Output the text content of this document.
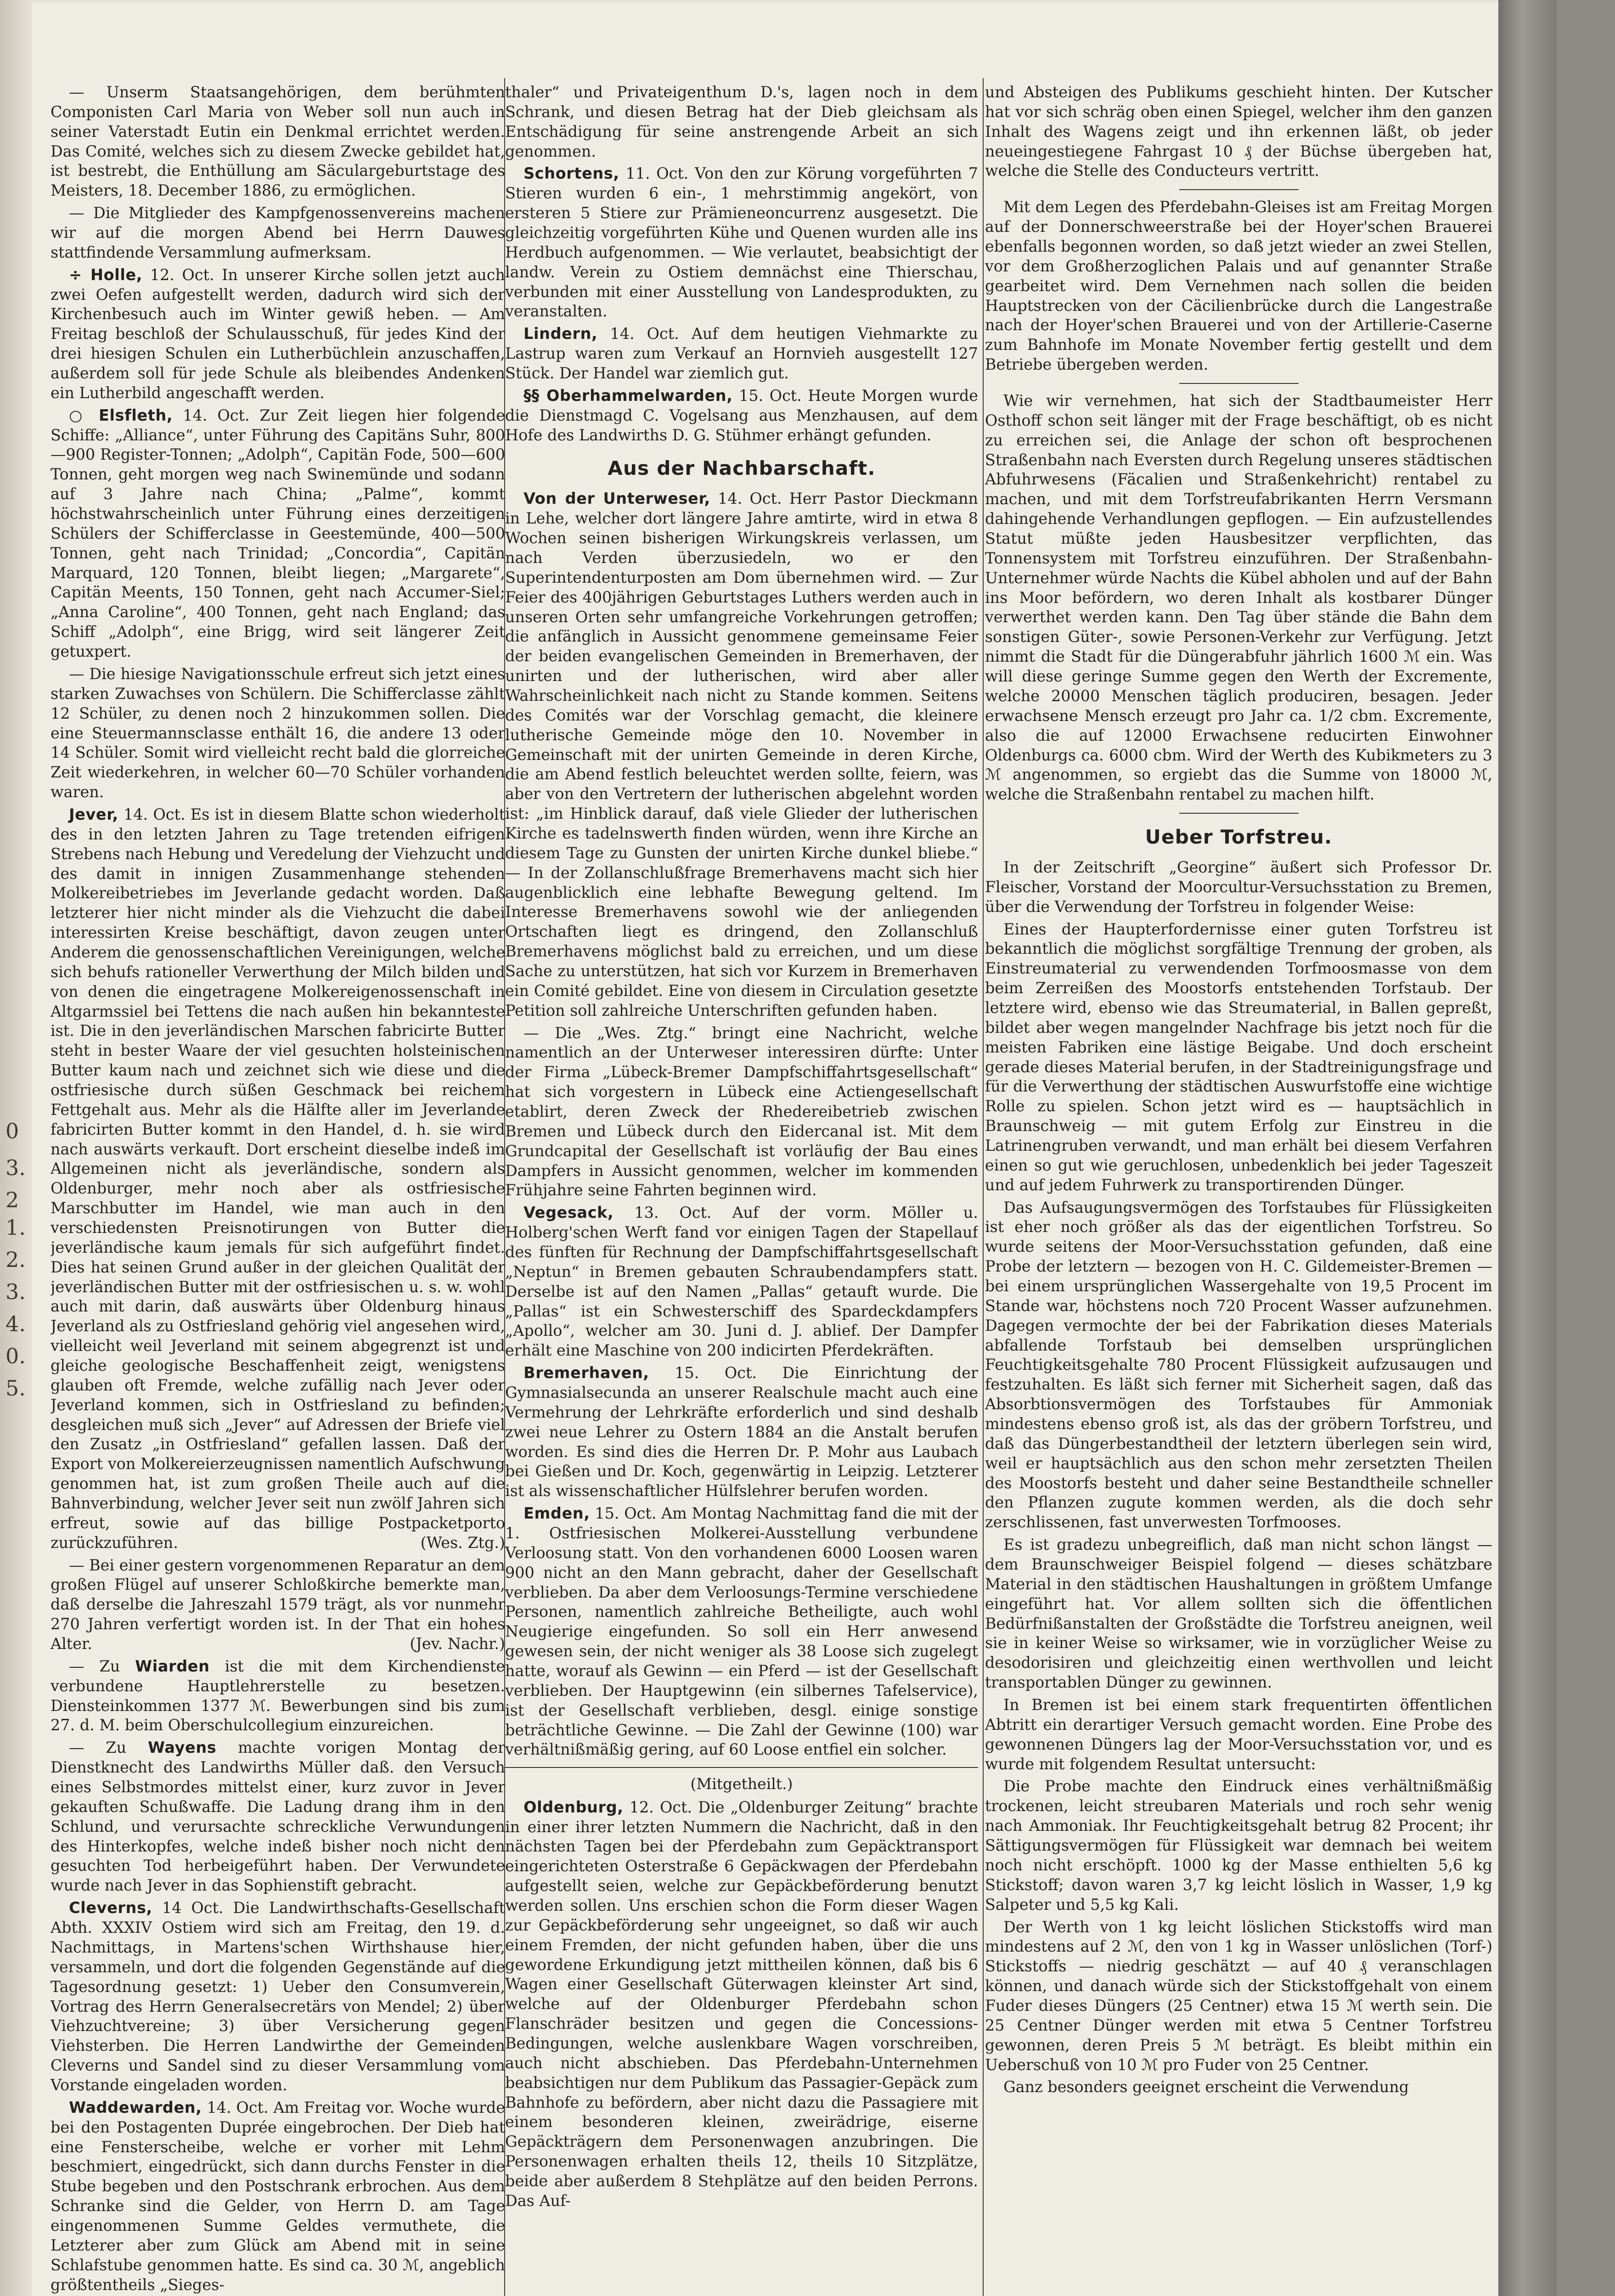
0
3.
2
1.
2.
3.
4.
0.
5.

— Unserm Staatsangehörigen, dem berühmten Componisten Carl Maria von Weber soll nun auch in seiner Vaterstadt Eutin ein Denkmal errichtet werden. Das Comité, welches sich zu diesem Zwecke gebildet hat, ist bestrebt, die Enthüllung am Säculargeburtstage des Meisters, 18. December 1886, zu ermöglichen.

— Die Mitglieder des Kampfgenossenvereins machen wir auf die morgen Abend bei Herrn Dauwes stattfindende Versammlung aufmerksam.

÷ Holle, 12. Oct. In unserer Kirche sollen jetzt auch zwei Oefen aufgestellt werden, dadurch wird sich der Kirchenbesuch auch im Winter gewiß heben. — Am Freitag beschloß der Schulausschuß, für jedes Kind der drei hiesigen Schulen ein Lutherbüchlein anzuschaffen, außerdem soll für jede Schule als bleibendes Andenken ein Lutherbild angeschafft werden.

○ Elsfleth, 14. Oct. Zur Zeit liegen hier folgende Schiffe: „Alliance“, unter Führung des Capitäns Suhr, 800—900 Register-Tonnen; „Adolph“, Capitän Fode, 500—600 Tonnen, geht morgen weg nach Swinemünde und sodann auf 3 Jahre nach China; „Palme“, kommt höchstwahrscheinlich unter Führung eines derzeitigen Schülers der Schifferclasse in Geestemünde, 400—500 Tonnen, geht nach Trinidad; „Concordia“, Capitän Marquard, 120 Tonnen, bleibt liegen; „Margarete“, Capitän Meents, 150 Tonnen, geht nach Accumer-Siel; „Anna Caroline“, 400 Tonnen, geht nach England; das Schiff „Adolph“, eine Brigg, wird seit längerer Zeit getuxpert.

— Die hiesige Navigationsschule erfreut sich jetzt eines starken Zuwachses von Schülern. Die Schifferclasse zählt 12 Schüler, zu denen noch 2 hinzukommen sollen. Die eine Steuermannsclasse enthält 16, die andere 13 oder 14 Schüler. Somit wird vielleicht recht bald die glorreiche Zeit wiederkehren, in welcher 60—70 Schüler vorhanden waren.

Jever, 14. Oct. Es ist in diesem Blatte schon wiederholt des in den letzten Jahren zu Tage tretenden eifrigen Strebens nach Hebung und Veredelung der Viehzucht und des damit in innigen Zusammenhange stehenden Molkereibetriebes im Jeverlande gedacht worden. Daß letzterer hier nicht minder als die Viehzucht die dabei interessirten Kreise beschäftigt, davon zeugen unter Anderem die genossenschaftlichen Vereinigungen, welche sich behufs rationeller Verwerthung der Milch bilden und von denen die eingetragene Molkereigenossenschaft in Altgarmssiel bei Tettens die nach außen hin bekannteste ist. Die in den jeverländischen Marschen fabricirte Butter steht in bester Waare der viel gesuchten holsteinischen Butter kaum nach und zeichnet sich wie diese und die ostfriesische durch süßen Geschmack bei reichem Fettgehalt aus. Mehr als die Hälfte aller im Jeverlande fabricirten Butter kommt in den Handel, d. h. sie wird nach auswärts verkauft. Dort erscheint dieselbe indeß im Allgemeinen nicht als jeverländische, sondern als Oldenburger, mehr noch aber als ostfriesische Marschbutter im Handel, wie man auch in den verschiedensten Preisnotirungen von Butter die jeverländische kaum jemals für sich aufgeführt findet. Dies hat seinen Grund außer in der gleichen Qualität der jeverländischen Butter mit der ostfriesischen u. s. w. wohl auch mit darin, daß auswärts über Oldenburg hinaus Jeverland als zu Ostfriesland gehörig viel angesehen wird, vielleicht weil Jeverland mit seinem abgegrenzt ist und gleiche geologische Beschaffenheit zeigt, wenigstens glauben oft Fremde, welche zufällig nach Jever oder Jeverland kommen, sich in Ostfriesland zu befinden; desgleichen muß sich „Jever“ auf Adressen der Briefe viel den Zusatz „in Ostfriesland“ gefallen lassen. Daß der Export von Molkereierzeugnissen namentlich Aufschwung genommen hat, ist zum großen Theile auch auf die Bahnverbindung, welcher Jever seit nun zwölf Jahren sich erfreut, sowie auf das billige Postpacketporto zurückzuführen.	(Wes. Ztg.)

— Bei einer gestern vorgenommenen Reparatur an dem großen Flügel auf unserer Schloßkirche bemerkte man, daß derselbe die Jahreszahl 1579 trägt, als vor nunmehr 270 Jahren verfertigt worden ist. In der That ein hohes Alter.	(Jev. Nachr.)

— Zu Wiarden ist die mit dem Kirchendienste verbundene Hauptlehrerstelle zu besetzen. Diensteinkommen 1377 ℳ. Bewerbungen sind bis zum 27. d. M. beim Oberschulcollegium einzureichen.

— Zu Wayens machte vorigen Montag der Dienstknecht des Landwirths Müller daß. den Versuch eines Selbstmordes mittelst einer, kurz zuvor in Jever gekauften Schußwaffe. Die Ladung drang ihm in den Schlund, und verursachte schreckliche Verwundungen des Hinterkopfes, welche indeß bisher noch nicht den gesuchten Tod herbeigeführt haben. Der Verwundete wurde nach Jever in das Sophienstift gebracht.

Cleverns, 14 Oct. Die Landwirthschafts-Gesellschaft Abth. XXXIV Ostiem wird sich am Freitag, den 19. d. Nachmittags, in Martens'schen Wirthshause hier, versammeln, und dort die folgenden Gegenstände auf die Tagesordnung gesetzt: 1) Ueber den Consumverein, Vortrag des Herrn Generalsecretärs von Mendel; 2) über Viehzuchtvereine; 3) über Versicherung gegen Viehsterben. Die Herren Landwirthe der Gemeinden Cleverns und Sandel sind zu dieser Versammlung vom Vorstande eingeladen worden.

Waddewarden, 14. Oct. Am Freitag vor. Woche wurde bei den Postagenten Duprée eingebrochen. Der Dieb hat eine Fensterscheibe, welche er vorher mit Lehm beschmiert, eingedrückt, sich dann durchs Fenster in die Stube begeben und den Postschrank erbrochen. Aus dem Schranke sind die Gelder, von Herrn D. am Tage eingenommenen Summe Geldes vermuthete, die Letzterer aber zum Glück am Abend mit in seine Schlafstube genommen hatte. Es sind ca. 30 ℳ, angeblich größtentheils „Sieges-

thaler“ und Privateigenthum D.'s, lagen noch in dem Schrank, und diesen Betrag hat der Dieb gleichsam als Entschädigung für seine anstrengende Arbeit an sich genommen.

Schortens, 11. Oct. Von den zur Körung vorgeführten 7 Stieren wurden 6 ein-, 1 mehrstimmig angekört, von ersteren 5 Stiere zur Prämieneoncurrenz ausgesetzt. Die gleichzeitig vorgeführten Kühe und Quenen wurden alle ins Herdbuch aufgenommen. — Wie verlautet, beabsichtigt der landw. Verein zu Ostiem demnächst eine Thierschau, verbunden mit einer Ausstellung von Landesprodukten, zu veranstalten.

Lindern, 14. Oct. Auf dem heutigen Viehmarkte zu Lastrup waren zum Verkauf an Hornvieh ausgestellt 127 Stück. Der Handel war ziemlich gut.

§§ Oberhammelwarden, 15. Oct. Heute Morgen wurde die Dienstmagd C. Vogelsang aus Menzhausen, auf dem Hofe des Landwirths D. G. Stühmer erhängt gefunden.

Aus der Nachbarschaft.

Von der Unterweser, 14. Oct. Herr Pastor Dieckmann in Lehe, welcher dort längere Jahre amtirte, wird in etwa 8 Wochen seinen bisherigen Wirkungskreis verlassen, um nach Verden überzusiedeln, wo er den Superintendenturposten am Dom übernehmen wird. — Zur Feier des 400jährigen Geburtstages Luthers werden auch in unseren Orten sehr umfangreiche Vorkehrungen getroffen; die anfänglich in Aussicht genommene gemeinsame Feier der beiden evangelischen Gemeinden in Bremerhaven, der unirten und der lutherischen, wird aber aller Wahrscheinlichkeit nach nicht zu Stande kommen. Seitens des Comités war der Vorschlag gemacht, die kleinere lutherische Gemeinde möge den 10. November in Gemeinschaft mit der unirten Gemeinde in deren Kirche, die am Abend festlich beleuchtet werden sollte, feiern, was aber von den Vertretern der lutherischen abgelehnt worden ist: „im Hinblick darauf, daß viele Glieder der lutherischen Kirche es tadelnswerth finden würden, wenn ihre Kirche an diesem Tage zu Gunsten der unirten Kirche dunkel bliebe.“ — In der Zollanschlußfrage Bremerhavens macht sich hier augenblicklich eine lebhafte Bewegung geltend. Im Interesse Bremerhavens sowohl wie der anliegenden Ortschaften liegt es dringend, den Zollanschluß Bremerhavens möglichst bald zu erreichen, und um diese Sache zu unterstützen, hat sich vor Kurzem in Bremerhaven ein Comité gebildet. Eine von diesem in Circulation gesetzte Petition soll zahlreiche Unterschriften gefunden haben.

— Die „Wes. Ztg.“ bringt eine Nachricht, welche namentlich an der Unterweser interessiren dürfte: Unter der Firma „Lübeck-Bremer Dampfschiffahrtsgesellschaft“ hat sich vorgestern in Lübeck eine Actiengesellschaft etablirt, deren Zweck der Rhedereibetrieb zwischen Bremen und Lübeck durch den Eidercanal ist. Mit dem Grundcapital der Gesellschaft ist vorläufig der Bau eines Dampfers in Aussicht genommen, welcher im kommenden Frühjahre seine Fahrten beginnen wird.

Vegesack, 13. Oct. Auf der vorm. Möller u. Holberg'schen Werft fand vor einigen Tagen der Stapellauf des fünften für Rechnung der Dampfschiffahrtsgesellschaft „Neptun“ in Bremen gebauten Schraubendampfers statt. Derselbe ist auf den Namen „Pallas“ getauft wurde. Die „Pallas“ ist ein Schwesterschiff des Spardeckdampfers „Apollo“, welcher am 30. Juni d. J. ablief. Der Dampfer erhält eine Maschine von 200 indicirten Pferdekräften.

Bremerhaven, 15. Oct. Die Einrichtung der Gymnasialsecunda an unserer Realschule macht auch eine Vermehrung der Lehrkräfte erforderlich und sind deshalb zwei neue Lehrer zu Ostern 1884 an die Anstalt berufen worden. Es sind dies die Herren Dr. P. Mohr aus Laubach bei Gießen und Dr. Koch, gegenwärtig in Leipzig. Letzterer ist als wissenschaftlicher Hülfslehrer berufen worden.

Emden, 15. Oct. Am Montag Nachmittag fand die mit der 1. Ostfriesischen Molkerei-Ausstellung verbundene Verloosung statt. Von den vorhandenen 6000 Loosen waren 900 nicht an den Mann gebracht, daher der Gesellschaft verblieben. Da aber dem Verloosungs-Termine verschiedene Personen, namentlich zahlreiche Betheiligte, auch wohl Neugierige eingefunden. So soll ein Herr anwesend gewesen sein, der nicht weniger als 38 Loose sich zugelegt hatte, worauf als Gewinn — ein Pferd — ist der Gesellschaft verblieben. Der Hauptgewinn (ein silbernes Tafelservice), ist der Gesellschaft verblieben, desgl. einige sonstige beträchtliche Gewinne. — Die Zahl der Gewinne (100) war verhältnißmäßig gering, auf 60 Loose entfiel ein solcher.

(Mitgetheilt.)

Oldenburg, 12. Oct. Die „Oldenburger Zeitung“ brachte in einer ihrer letzten Nummern die Nachricht, daß in den nächsten Tagen bei der Pferdebahn zum Gepäcktransport eingerichteten Osterstraße 6 Gepäckwagen der Pferdebahn aufgestellt seien, welche zur Gepäckbeförderung benutzt werden sollen. Uns erschien schon die Form dieser Wagen zur Gepäckbeförderung sehr ungeeignet, so daß wir auch einem Fremden, der nicht gefunden haben, über die uns gewordene Erkundigung jetzt mittheilen können, daß bis 6 Wagen einer Gesellschaft Güterwagen kleinster Art sind, welche auf der Oldenburger Pferdebahn schon Flanschräder besitzen und gegen die Concessions-Bedingungen, welche auslenkbare Wagen vorschreiben, auch nicht abschieben. Das Pferdebahn-Unternehmen beabsichtigen nur dem Publikum das Passagier-Gepäck zum Bahnhofe zu befördern, aber nicht dazu die Passagiere mit einem besonderen kleinen, zweirädrige, eiserne Gepäckträgern dem Personenwagen anzubringen. Die Personenwagen erhalten theils 12, theils 10 Sitzplätze, beide aber außerdem 8 Stehplätze auf den beiden Perrons. Das Auf-

und Absteigen des Publikums geschieht hinten. Der Kutscher hat vor sich schräg oben einen Spiegel, welcher ihm den ganzen Inhalt des Wagens zeigt und ihn erkennen läßt, ob jeder neueingestiegene Fahrgast 10 ₰ der Büchse übergeben hat, welche die Stelle des Conducteurs vertritt.

Mit dem Legen des Pferdebahn-Gleises ist am Freitag Morgen auf der Donnerschweerstraße bei der Hoyer'schen Brauerei ebenfalls begonnen worden, so daß jetzt wieder an zwei Stellen, vor dem Großherzoglichen Palais und auf genannter Straße gearbeitet wird. Dem Vernehmen nach sollen die beiden Hauptstrecken von der Cäcilienbrücke durch die Langestraße nach der Hoyer'schen Brauerei und von der Artillerie-Caserne zum Bahnhofe im Monate November fertig gestellt und dem Betriebe übergeben werden.

Wie wir vernehmen, hat sich der Stadtbaumeister Herr Osthoff schon seit länger mit der Frage beschäftigt, ob es nicht zu erreichen sei, die Anlage der schon oft besprochenen Straßenbahn nach Eversten durch Regelung unseres städtischen Abfuhrwesens (Fäcalien und Straßenkehricht) rentabel zu machen, und mit dem Torfstreufabrikanten Herrn Versmann dahingehende Verhandlungen gepflogen. — Ein aufzustellendes Statut müßte jeden Hausbesitzer verpflichten, das Tonnensystem mit Torfstreu einzuführen. Der Straßenbahn-Unternehmer würde Nachts die Kübel abholen und auf der Bahn ins Moor befördern, wo deren Inhalt als kostbarer Dünger verwerthet werden kann. Den Tag über stände die Bahn dem sonstigen Güter-, sowie Personen-Verkehr zur Verfügung. Jetzt nimmt die Stadt für die Düngerabfuhr jährlich 1600 ℳ ein. Was will diese geringe Summe gegen den Werth der Excremente, welche 20000 Menschen täglich produciren, besagen. Jeder erwachsene Mensch erzeugt pro Jahr ca. 1/2 cbm. Excremente, also die auf 12000 Erwachsene reducirten Einwohner Oldenburgs ca. 6000 cbm. Wird der Werth des Kubikmeters zu 3 ℳ angenommen, so ergiebt das die Summe von 18000 ℳ, welche die Straßenbahn rentabel zu machen hilft.

Ueber Torfstreu.

In der Zeitschrift „Georgine“ äußert sich Professor Dr. Fleischer, Vorstand der Moorcultur-Versuchsstation zu Bremen, über die Verwendung der Torfstreu in folgender Weise:

Eines der Haupterfordernisse einer guten Torfstreu ist bekanntlich die möglichst sorgfältige Trennung der groben, als Einstreumaterial zu verwendenden Torfmoosmasse von dem beim Zerreißen des Moostorfs entstehenden Torfstaub. Der letztere wird, ebenso wie das Streumaterial, in Ballen gepreßt, bildet aber wegen mangelnder Nachfrage bis jetzt noch für die meisten Fabriken eine lästige Beigabe. Und doch erscheint gerade dieses Material berufen, in der Stadtreinigungsfrage und für die Verwerthung der städtischen Auswurfstoffe eine wichtige Rolle zu spielen. Schon jetzt wird es — hauptsächlich in Braunschweig — mit gutem Erfolg zur Einstreu in die Latrinengruben verwandt, und man erhält bei diesem Verfahren einen so gut wie geruchlosen, unbedenklich bei jeder Tageszeit und auf jedem Fuhrwerk zu transportirenden Dünger.

Das Aufsaugungsvermögen des Torfstaubes für Flüssigkeiten ist eher noch größer als das der eigentlichen Torfstreu. So wurde seitens der Moor-Versuchsstation gefunden, daß eine Probe der letztern — bezogen von H. C. Gildemeister-Bremen — bei einem ursprünglichen Wassergehalte von 19,5 Procent im Stande war, höchstens noch 720 Procent Wasser aufzunehmen. Dagegen vermochte der bei der Fabrikation dieses Materials abfallende Torfstaub bei demselben ursprünglichen Feuchtigkeitsgehalte 780 Procent Flüssigkeit aufzusaugen und festzuhalten. Es läßt sich ferner mit Sicherheit sagen, daß das Absorbtionsvermögen des Torfstaubes für Ammoniak mindestens ebenso groß ist, als das der gröbern Torfstreu, und daß das Düngerbestandtheil der letztern überlegen sein wird, weil er hauptsächlich aus den schon mehr zersetzten Theilen des Moostorfs besteht und daher seine Bestandtheile schneller den Pflanzen zugute kommen werden, als die doch sehr zerschlissenen, fast unverwesten Torfmooses.

Es ist gradezu unbegreiflich, daß man nicht schon längst — dem Braunschweiger Beispiel folgend — dieses schätzbare Material in den städtischen Haushaltungen in größtem Umfange eingeführt hat. Vor allem sollten sich die öffentlichen Bedürfnißanstalten der Großstädte die Torfstreu aneignen, weil sie in keiner Weise so wirksamer, wie in vorzüglicher Weise zu desodorisiren und gleichzeitig einen werthvollen und leicht transportablen Dünger zu gewinnen.

In Bremen ist bei einem stark frequentirten öffentlichen Abtritt ein derartiger Versuch gemacht worden. Eine Probe des gewonnenen Düngers lag der Moor-Versuchsstation vor, und es wurde mit folgendem Resultat untersucht:

Die Probe machte den Eindruck eines verhältnißmäßig trockenen, leicht streubaren Materials und roch sehr wenig nach Ammoniak. Ihr Feuchtigkeitsgehalt betrug 82 Procent; ihr Sättigungsvermögen für Flüssigkeit war demnach bei weitem noch nicht erschöpft. 1000 kg der Masse enthielten 5,6 kg Stickstoff; davon waren 3,7 kg leicht löslich in Wasser, 1,9 kg Salpeter und 5,5 kg Kali.

Der Werth von 1 kg leicht löslichen Stickstoffs wird man mindestens auf 2 ℳ, den von 1 kg in Wasser unlöslichen (Torf-) Stickstoffs — niedrig geschätzt — auf 40 ₰ veranschlagen können, und danach würde sich der Stickstoffgehalt von einem Fuder dieses Düngers (25 Centner) etwa 15 ℳ werth sein. Die 25 Centner Dünger werden mit etwa 5 Centner Torfstreu gewonnen, deren Preis 5 ℳ beträgt. Es bleibt mithin ein Ueberschuß von 10 ℳ pro Fuder von 25 Centner.

Ganz besonders geeignet erscheint die Verwendung
